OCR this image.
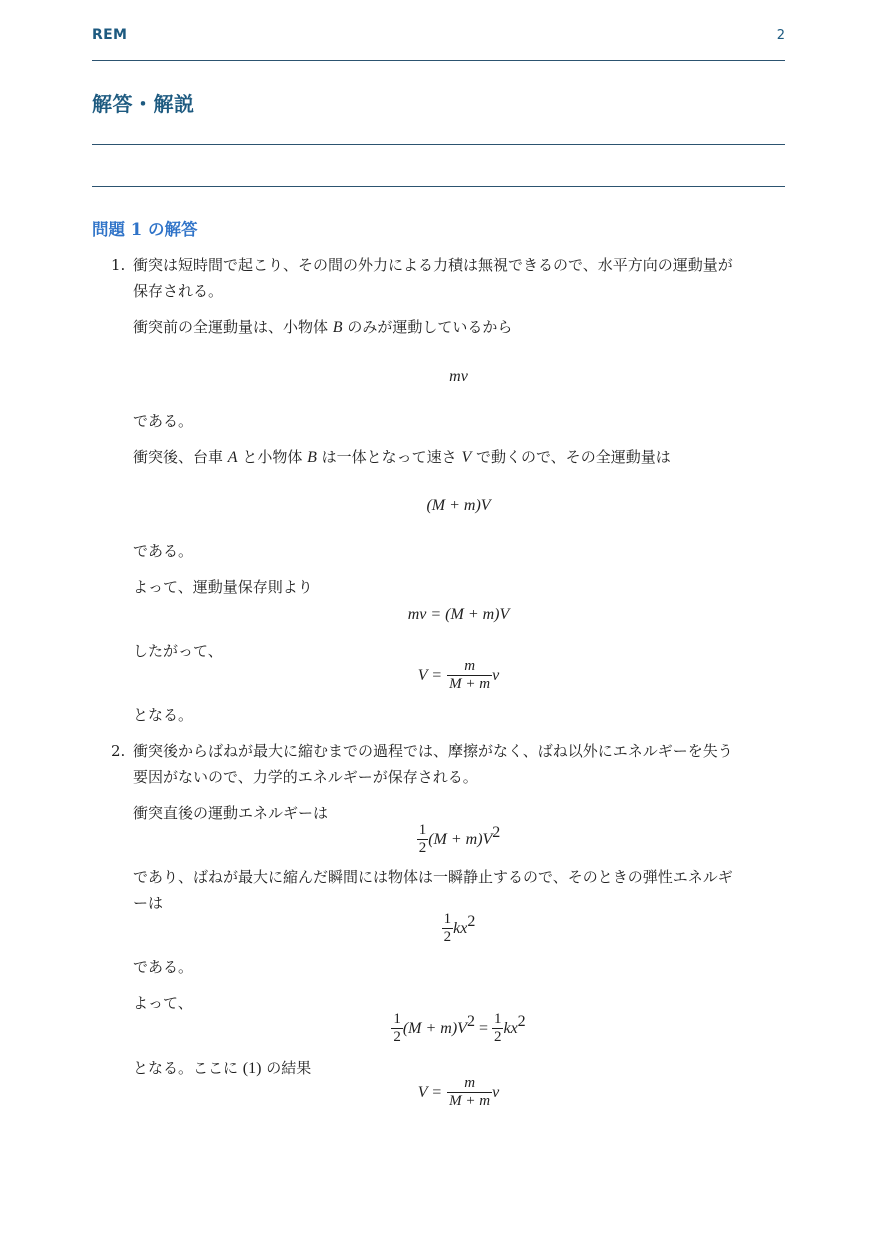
REM	2
解答・解説
問題 1 の解答
1. 衝突は短時間で起こり、その間の外力による力積は無視できるので、水平方向の運動量が
保存される。
衝突前の全運動量は、小物体 B のみが運動しているから
mv
である。
衝突後、台車 A と小物体 B は一体となって速さ V で動くので、その全運動量は
(M + m)V
である。
よって、運動量保存則より
mv = (M + m)V
したがって、
$V = \frac{m}{M + m}$ v
となる。
2. 衝突後からばねが最大に縮むまでの過程では、摩擦がなく、ばね以外にエネルギーを失う
要因がないので、力学的エネルギーが保存される。
衝突直後の運動エネルギーは
$\frac{1}{2} (M + m)V^2$
であり、ばねが最大に縮んだ瞬間には物体は一瞬静止するので、そのときの弾性エネルギ
ーは
$\frac{1}{2} kx^2$
である。
よって、
$\frac{1}{2} (M + m)V^2 = \frac{1}{2} kx^2$
となる。ここに (1) の結果
$V = \frac{m}{M + m}$ v
